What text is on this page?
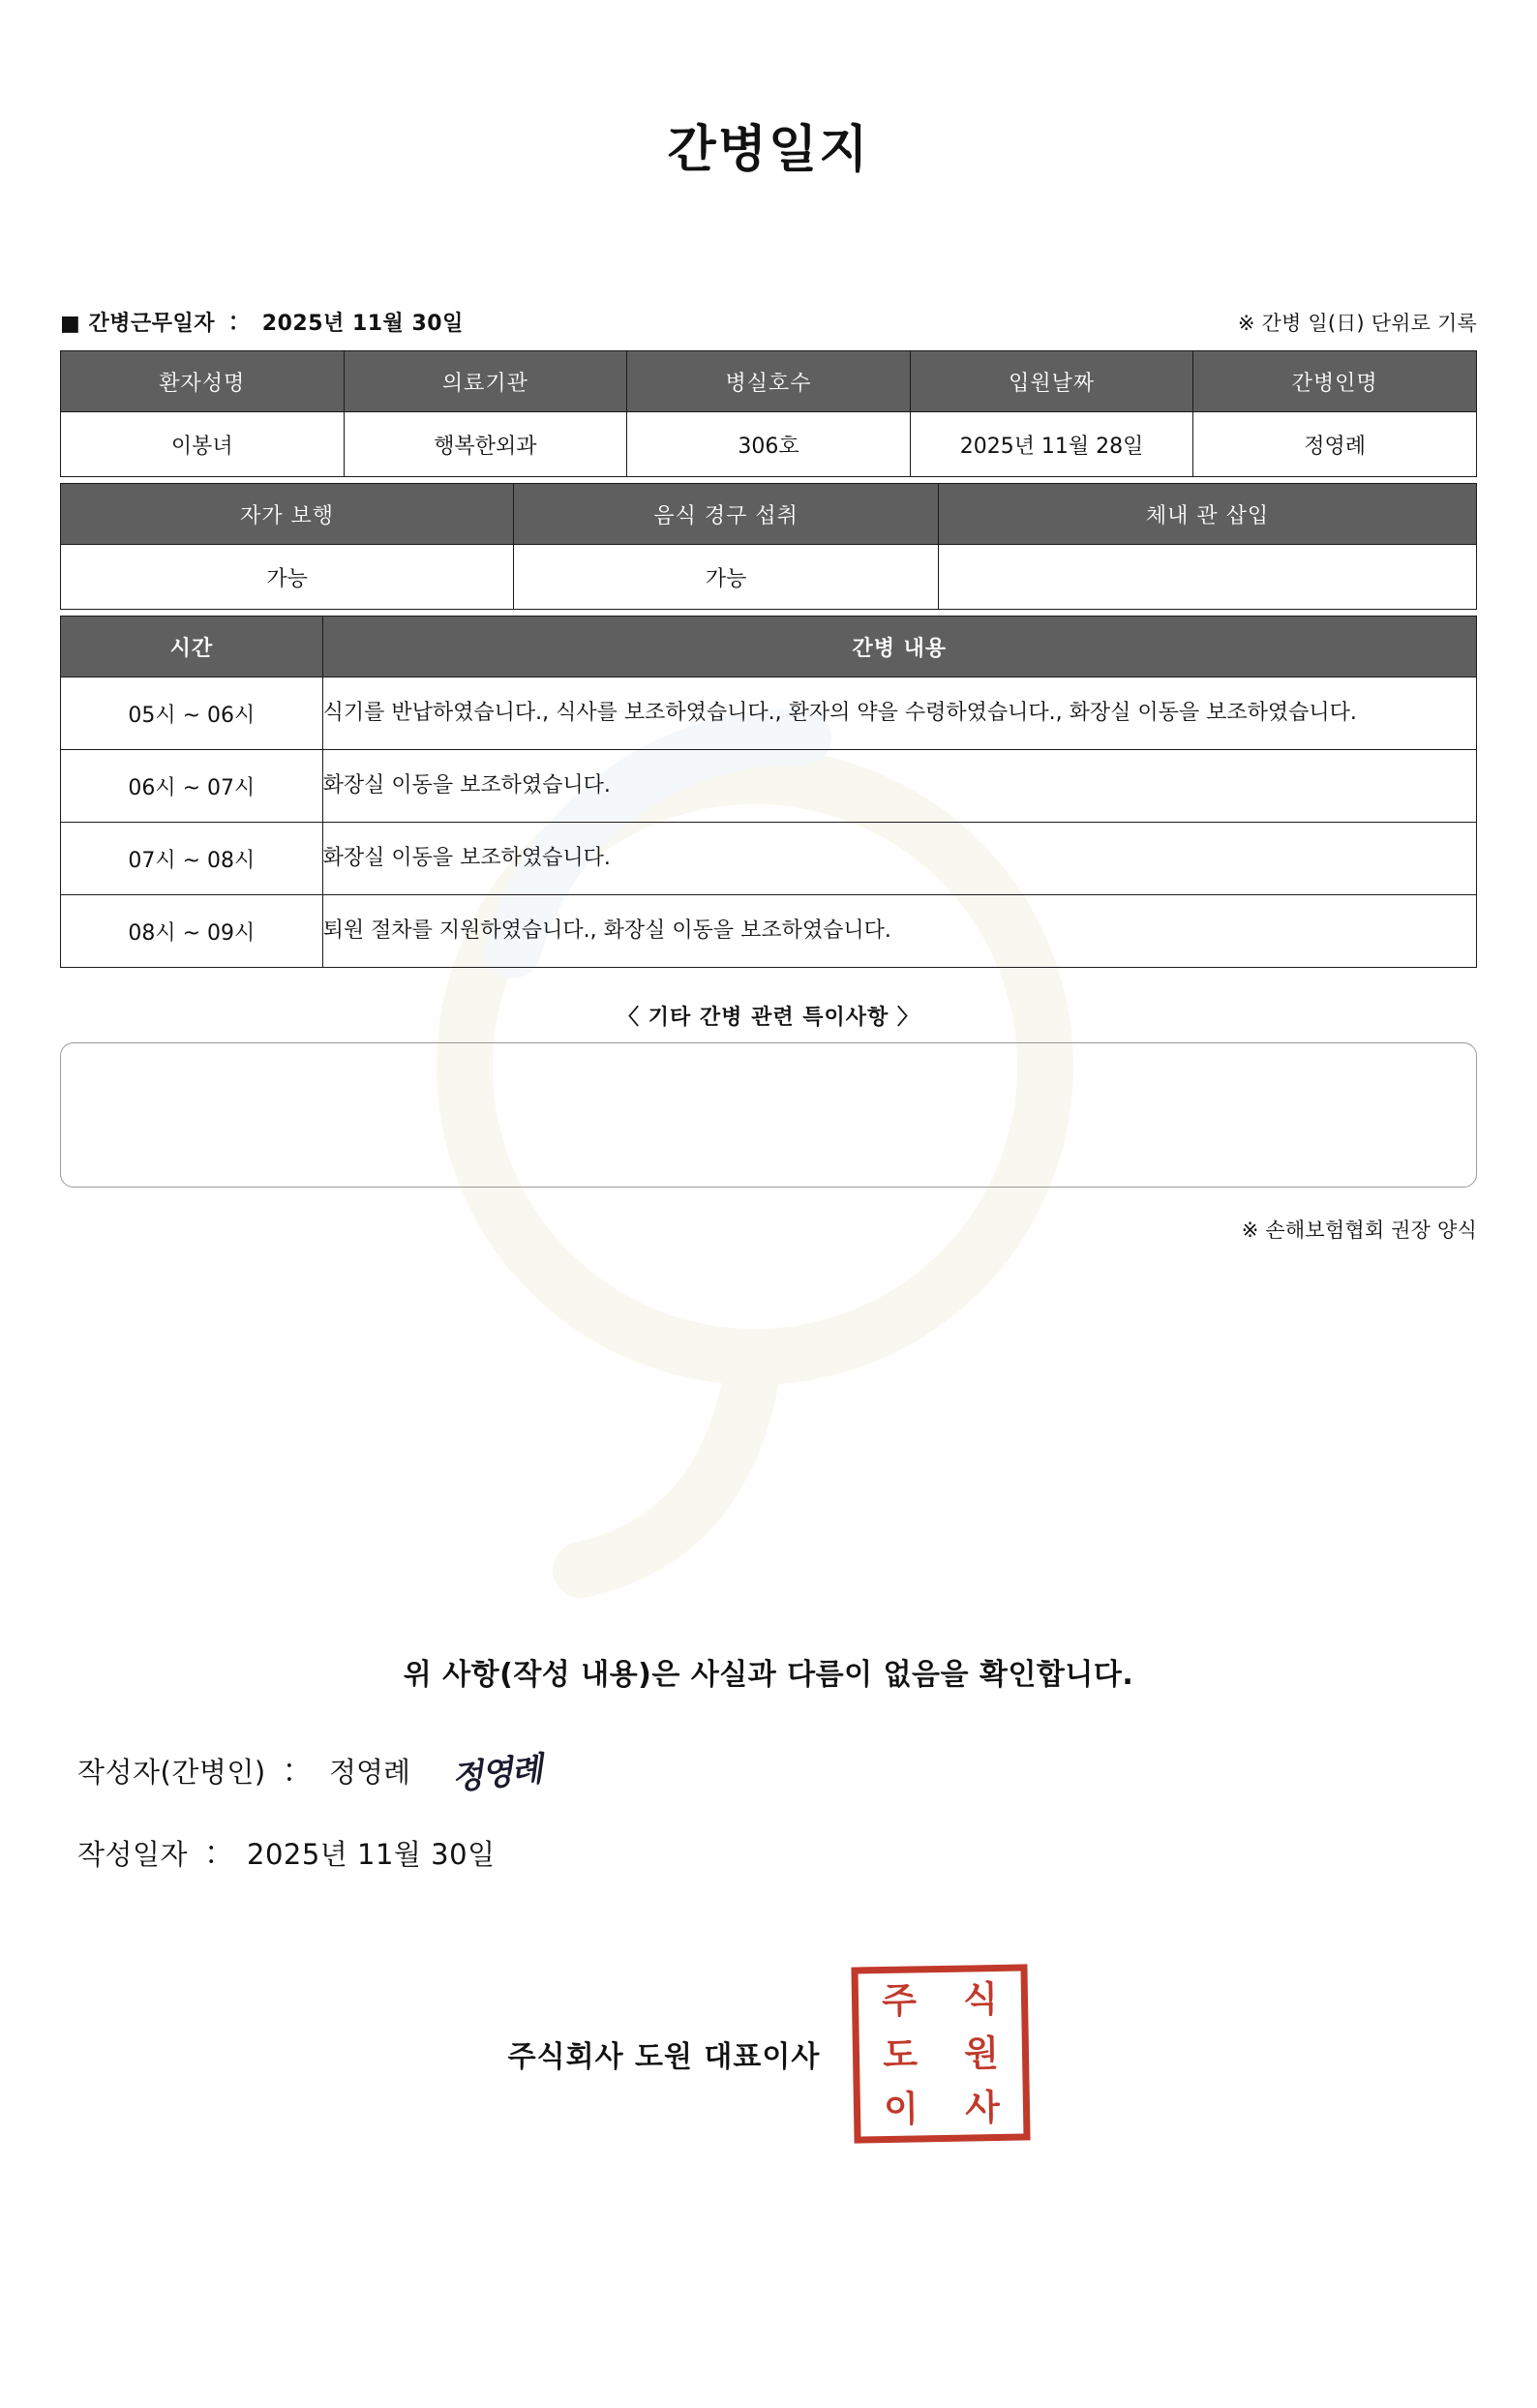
간병일지
■ 간병근무일자 ： 2025년 11월 30일	※ 간병 일(日) 단위로 기록
환자성명	의료기관	병실호수	입원날짜	간병인명
이봉녀	행복한외과	306호	2025년 11월 28일	정영례
자가 보행	음식 경구 섭취	체내 관 삽입
가능	가능	
시간	간병 내용
05시 ~ 06시	식기를 반납하였습니다., 식사를 보조하였습니다., 환자의 약을 수령하였습니다., 화장실 이동을 보조하였습니다.
06시 ~ 07시	화장실 이동을 보조하였습니다.
07시 ~ 08시	화장실 이동을 보조하였습니다.
08시 ~ 09시	퇴원 절차를 지원하였습니다., 화장실 이동을 보조하였습니다.
〈 기타 간병 관련 특이사항 〉
※ 손해보험협회 권장 양식
위 사항(작성 내용)은 사실과 다름이 없음을 확인합니다.
작성자(간병인) ： 정영례 정영례
작성일자 ： 2025년 11월 30일
주식회사 도원 대표이사
주 식
도 원
이 사
